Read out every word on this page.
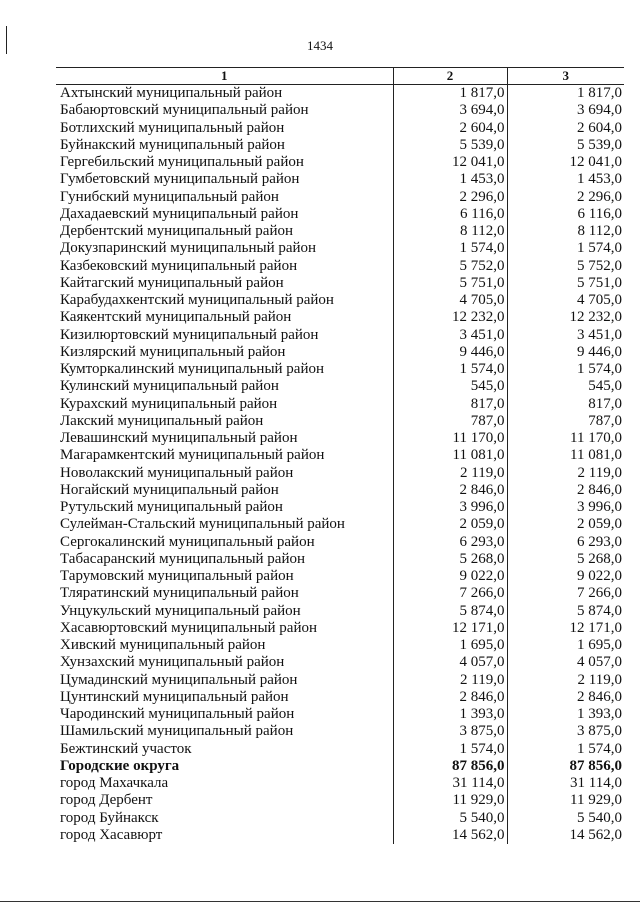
1434
1	2	3
Ахтынский муниципальный район	1 817,0	1 817,0
Бабаюртовский муниципальный район	3 694,0	3 694,0
Ботлихский муниципальный район	2 604,0	2 604,0
Буйнакский муниципальный район	5 539,0	5 539,0
Гергебильский муниципальный район	12 041,0	12 041,0
Гумбетовский муниципальный район	1 453,0	1 453,0
Гунибский муниципальный район	2 296,0	2 296,0
Дахадаевский муниципальный район	6 116,0	6 116,0
Дербентский муниципальный район	8 112,0	8 112,0
Докузпаринский муниципальный район	1 574,0	1 574,0
Казбековский муниципальный район	5 752,0	5 752,0
Кайтагский муниципальный район	5 751,0	5 751,0
Карабудахкентский муниципальный район	4 705,0	4 705,0
Каякентский муниципальный район	12 232,0	12 232,0
Кизилюртовский муниципальный район	3 451,0	3 451,0
Кизлярский муниципальный район	9 446,0	9 446,0
Кумторкалинский муниципальный район	1 574,0	1 574,0
Кулинский муниципальный район	545,0	545,0
Курахский муниципальный район	817,0	817,0
Лакский муниципальный район	787,0	787,0
Левашинский муниципальный район	11 170,0	11 170,0
Магарамкентский муниципальный район	11 081,0	11 081,0
Новолакский муниципальный район	2 119,0	2 119,0
Ногайский муниципальный район	2 846,0	2 846,0
Рутульский муниципальный район	3 996,0	3 996,0
Сулейман-Стальский муниципальный район	2 059,0	2 059,0
Сергокалинский муниципальный район	6 293,0	6 293,0
Табасаранский муниципальный район	5 268,0	5 268,0
Тарумовский муниципальный район	9 022,0	9 022,0
Тляратинский муниципальный район	7 266,0	7 266,0
Унцукульский муниципальный район	5 874,0	5 874,0
Хасавюртовский муниципальный район	12 171,0	12 171,0
Хивский муниципальный район	1 695,0	1 695,0
Хунзахский муниципальный район	4 057,0	4 057,0
Цумадинский муниципальный район	2 119,0	2 119,0
Цунтинский муниципальный район	2 846,0	2 846,0
Чародинский муниципальный район	1 393,0	1 393,0
Шамильский муниципальный район	3 875,0	3 875,0
Бежтинский участок	1 574,0	1 574,0
Городские округа	87 856,0	87 856,0
город Махачкала	31 114,0	31 114,0
город Дербент	11 929,0	11 929,0
город Буйнакск	5 540,0	5 540,0
город Хасавюрт	14 562,0	14 562,0
